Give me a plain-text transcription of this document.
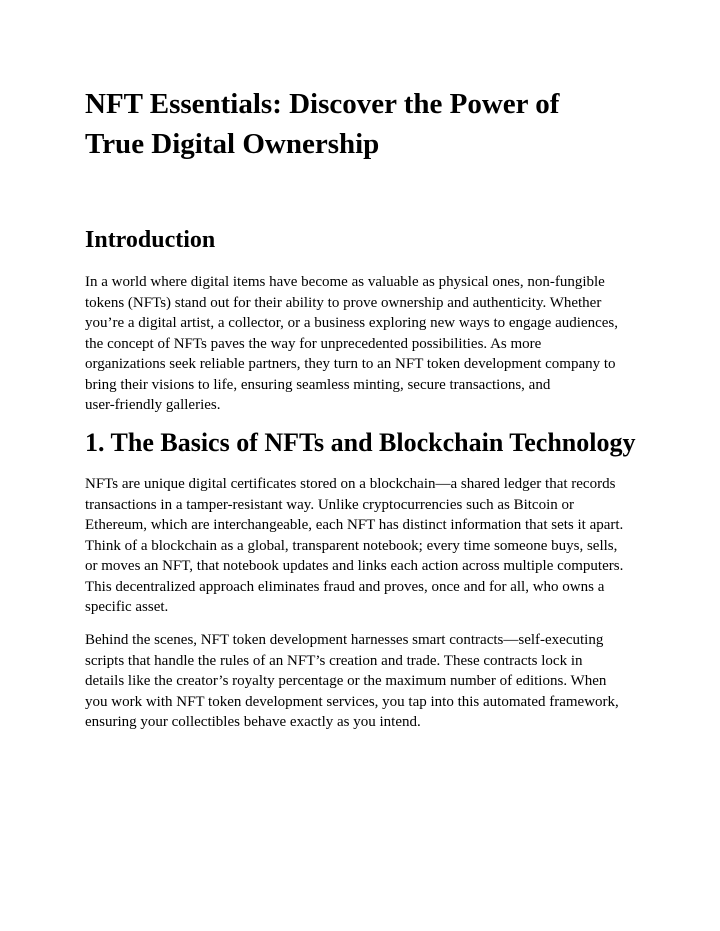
NFT Essentials: Discover the Power of
True Digital Ownership
Introduction

In a world where digital items have become as valuable as physical ones, non-fungible
tokens (NFTs) stand out for their ability to prove ownership and authenticity. Whether
you’re a digital artist, a collector, or a business exploring new ways to engage audiences,
the concept of NFTs paves the way for unprecedented possibilities. As more
organizations seek reliable partners, they turn to an NFT token development company to
bring their visions to life, ensuring seamless minting, secure transactions, and
user-friendly galleries.

1. The Basics of NFTs and Blockchain Technology

NFTs are unique digital certificates stored on a blockchain—a shared ledger that records
transactions in a tamper-resistant way. Unlike cryptocurrencies such as Bitcoin or
Ethereum, which are interchangeable, each NFT has distinct information that sets it apart.
Think of a blockchain as a global, transparent notebook; every time someone buys, sells,
or moves an NFT, that notebook updates and links each action across multiple computers.
This decentralized approach eliminates fraud and proves, once and for all, who owns a
specific asset.

Behind the scenes, NFT token development harnesses smart contracts—self-executing
scripts that handle the rules of an NFT’s creation and trade. These contracts lock in
details like the creator’s royalty percentage or the maximum number of editions. When
you work with NFT token development services, you tap into this automated framework,
ensuring your collectibles behave exactly as you intend.
